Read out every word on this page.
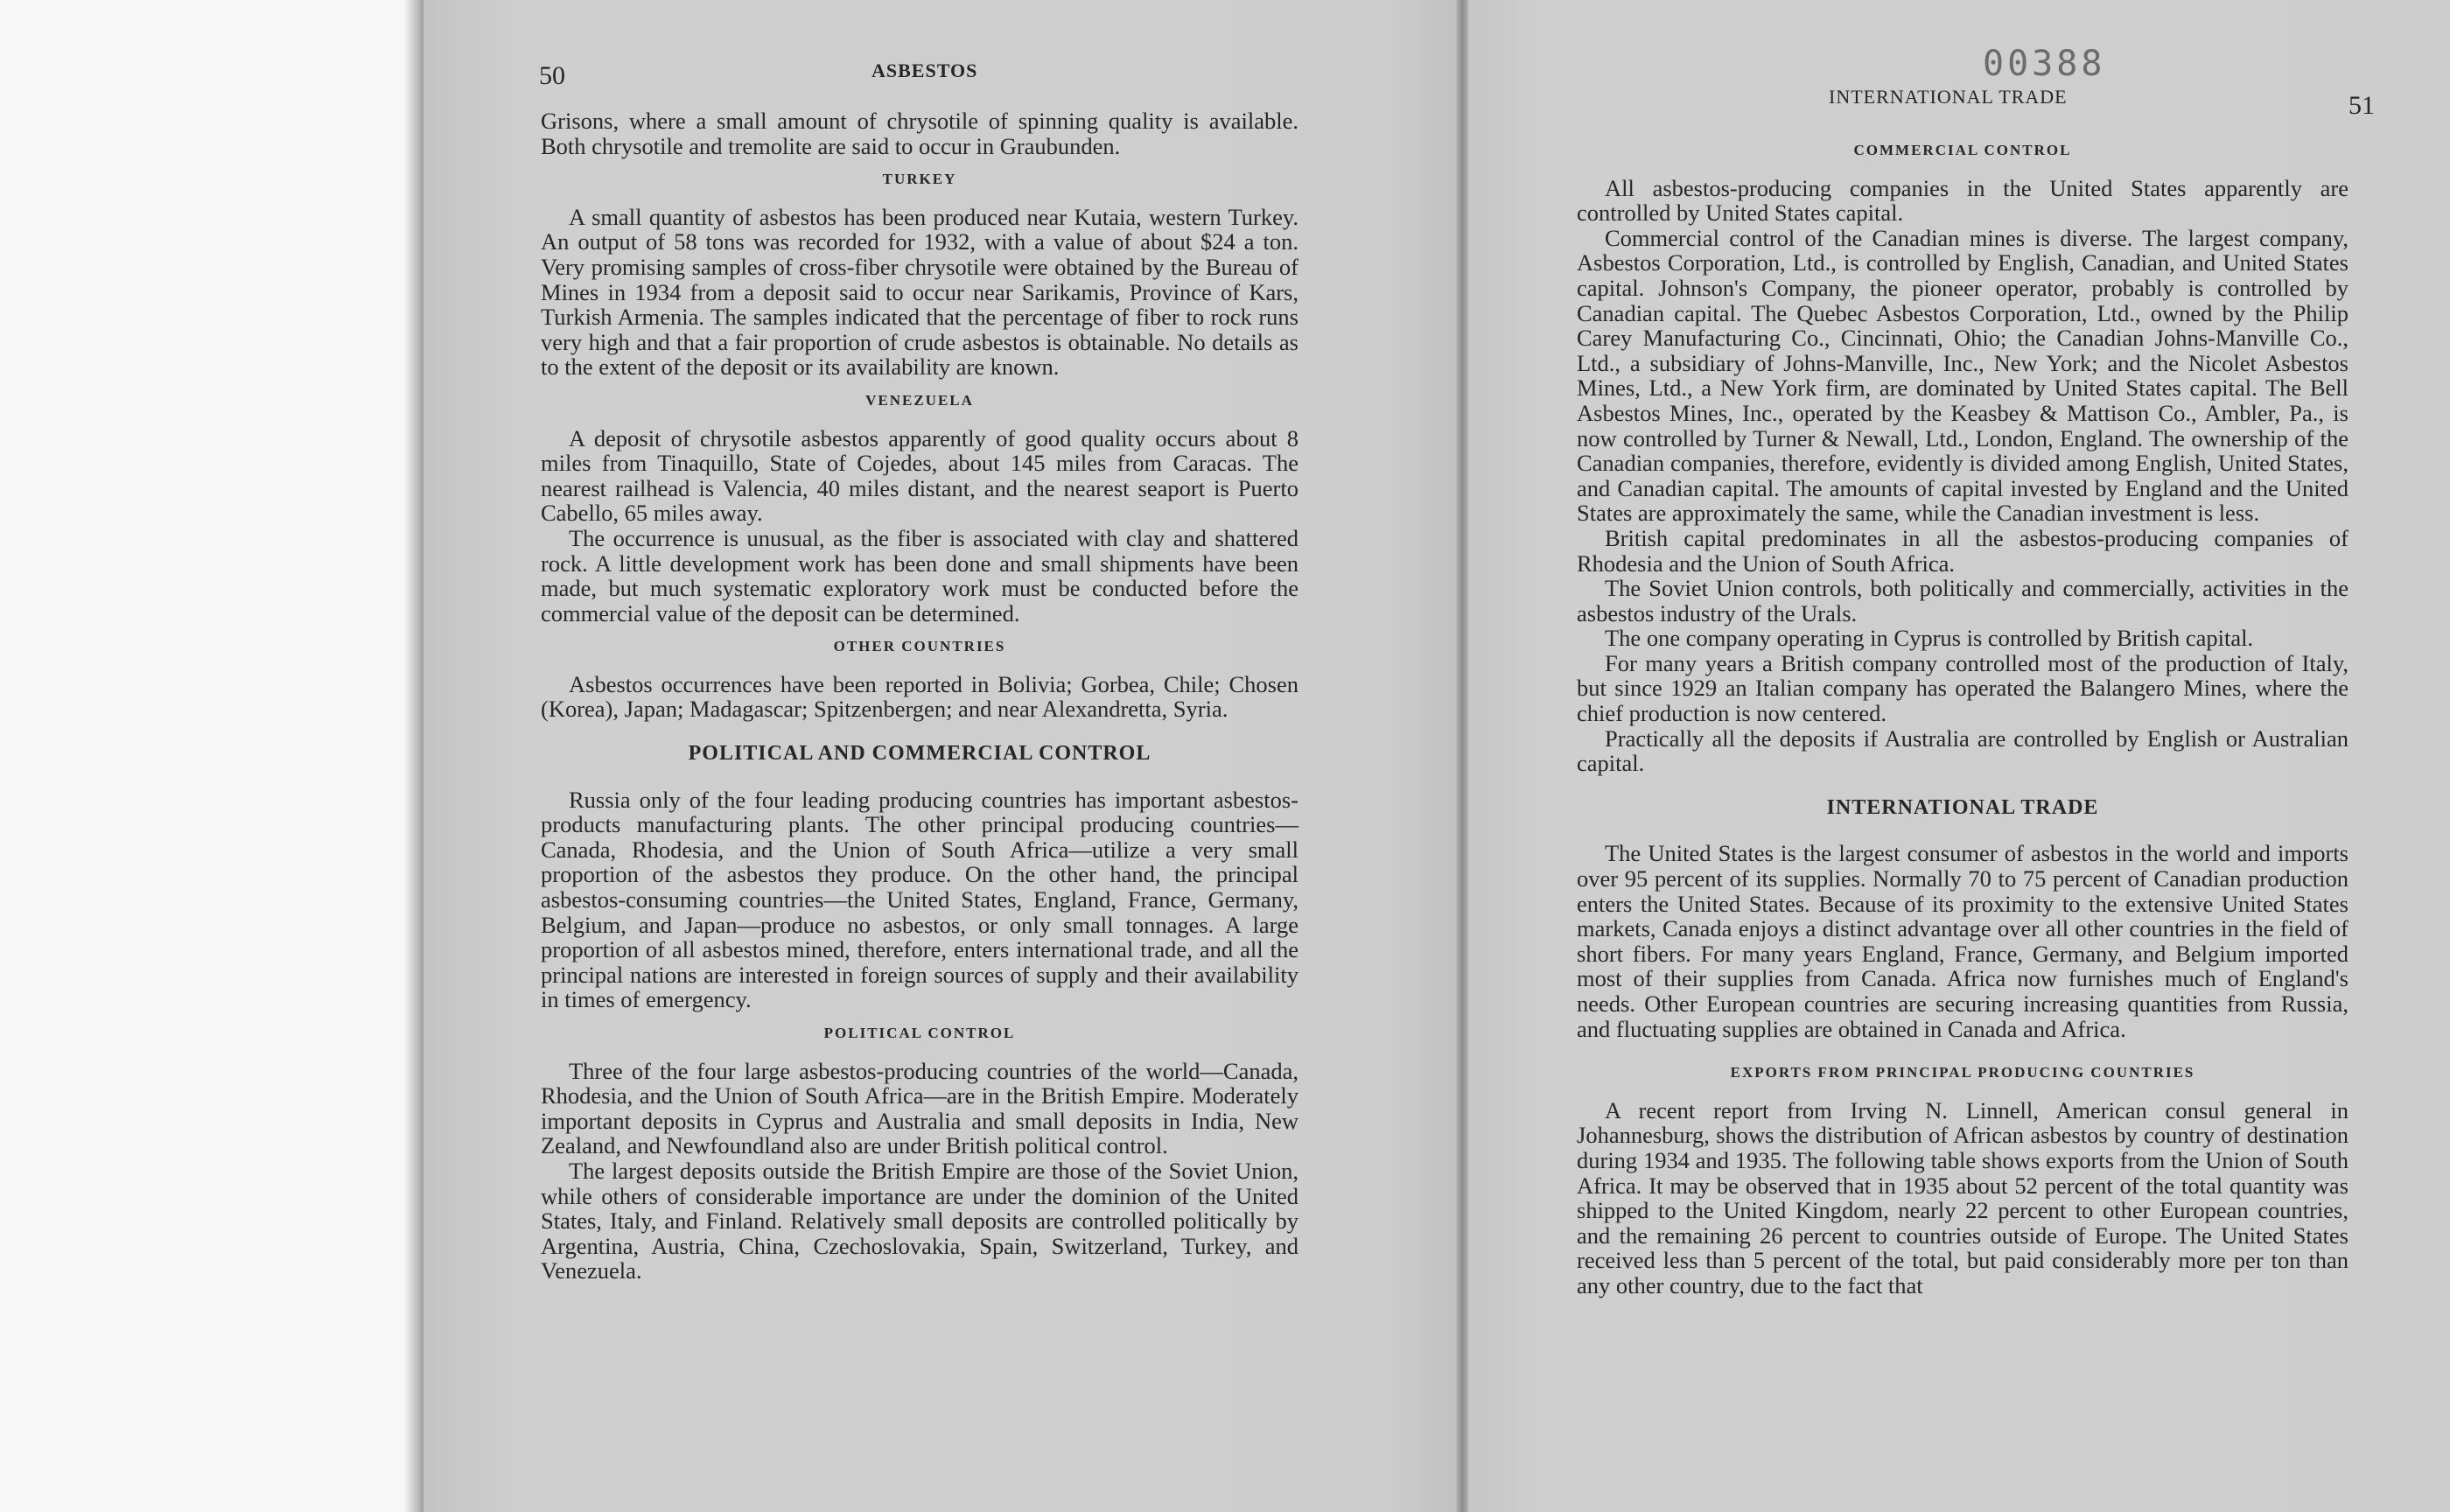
50	ASBESTOS

Grisons, where a small amount of chrysotile of spinning quality is available. Both chrysotile and tremolite are said to occur in Graubunden.

TURKEY

A small quantity of asbestos has been produced near Kutaia, western Turkey. An output of 58 tons was recorded for 1932, with a value of about $24 a ton. Very promising samples of cross-fiber chrysotile were obtained by the Bureau of Mines in 1934 from a deposit said to occur near Sarikamis, Province of Kars, Turkish Armenia. The samples indicated that the percentage of fiber to rock runs very high and that a fair proportion of crude asbestos is obtainable. No details as to the extent of the deposit or its availability are known.

VENEZUELA

A deposit of chrysotile asbestos apparently of good quality occurs about 8 miles from Tinaquillo, State of Cojedes, about 145 miles from Caracas. The nearest railhead is Valencia, 40 miles distant, and the nearest seaport is Puerto Cabello, 65 miles away.

The occurrence is unusual, as the fiber is associated with clay and shattered rock. A little development work has been done and small shipments have been made, but much systematic exploratory work must be conducted before the commercial value of the deposit can be determined.

OTHER COUNTRIES

Asbestos occurrences have been reported in Bolivia; Gorbea, Chile; Chosen (Korea), Japan; Madagascar; Spitzenbergen; and near Alexandretta, Syria.

POLITICAL AND COMMERCIAL CONTROL

Russia only of the four leading producing countries has important asbestos-products manufacturing plants. The other principal producing countries—Canada, Rhodesia, and the Union of South Africa—utilize a very small proportion of the asbestos they produce. On the other hand, the principal asbestos-consuming countries—the United States, England, France, Germany, Belgium, and Japan—produce no asbestos, or only small tonnages. A large proportion of all asbestos mined, therefore, enters international trade, and all the principal nations are interested in foreign sources of supply and their availability in times of emergency.

POLITICAL CONTROL

Three of the four large asbestos-producing countries of the world—Canada, Rhodesia, and the Union of South Africa—are in the British Empire. Moderately important deposits in Cyprus and Australia and small deposits in India, New Zealand, and Newfoundland also are under British political control.

The largest deposits outside the British Empire are those of the Soviet Union, while others of considerable importance are under the dominion of the United States, Italy, and Finland. Relatively small deposits are controlled politically by Argentina, Austria, China, Czechoslovakia, Spain, Switzerland, Turkey, and Venezuela.

00388
INTERNATIONAL TRADE	51
COMMERCIAL CONTROL

All asbestos-producing companies in the United States apparently are controlled by United States capital.

Commercial control of the Canadian mines is diverse. The largest company, Asbestos Corporation, Ltd., is controlled by English, Canadian, and United States capital. Johnson's Company, the pioneer operator, probably is controlled by Canadian capital. The Quebec Asbestos Corporation, Ltd., owned by the Philip Carey Manufacturing Co., Cincinnati, Ohio; the Canadian Johns-Manville Co., Ltd., a subsidiary of Johns-Manville, Inc., New York; and the Nicolet Asbestos Mines, Ltd., a New York firm, are dominated by United States capital. The Bell Asbestos Mines, Inc., operated by the Keasbey & Mattison Co., Ambler, Pa., is now controlled by Turner & Newall, Ltd., London, England. The ownership of the Canadian companies, therefore, evidently is divided among English, United States, and Canadian capital. The amounts of capital invested by England and the United States are approximately the same, while the Canadian investment is less.

British capital predominates in all the asbestos-producing companies of Rhodesia and the Union of South Africa.

The Soviet Union controls, both politically and commercially, activities in the asbestos industry of the Urals.

The one company operating in Cyprus is controlled by British capital.

For many years a British company controlled most of the production of Italy, but since 1929 an Italian company has operated the Balangero Mines, where the chief production is now centered.

Practically all the deposits if Australia are controlled by English or Australian capital.

INTERNATIONAL TRADE

The United States is the largest consumer of asbestos in the world and imports over 95 percent of its supplies. Normally 70 to 75 percent of Canadian production enters the United States. Because of its proximity to the extensive United States markets, Canada enjoys a distinct advantage over all other countries in the field of short fibers. For many years England, France, Germany, and Belgium imported most of their supplies from Canada. Africa now furnishes much of England's needs. Other European countries are securing increasing quantities from Russia, and fluctuating supplies are obtained in Canada and Africa.

EXPORTS FROM PRINCIPAL PRODUCING COUNTRIES

A recent report from Irving N. Linnell, American consul general in Johannesburg, shows the distribution of African asbestos by country of destination during 1934 and 1935. The following table shows exports from the Union of South Africa. It may be observed that in 1935 about 52 percent of the total quantity was shipped to the United Kingdom, nearly 22 percent to other European countries, and the remaining 26 percent to countries outside of Europe. The United States received less than 5 percent of the total, but paid considerably more per ton than any other country, due to the fact that
